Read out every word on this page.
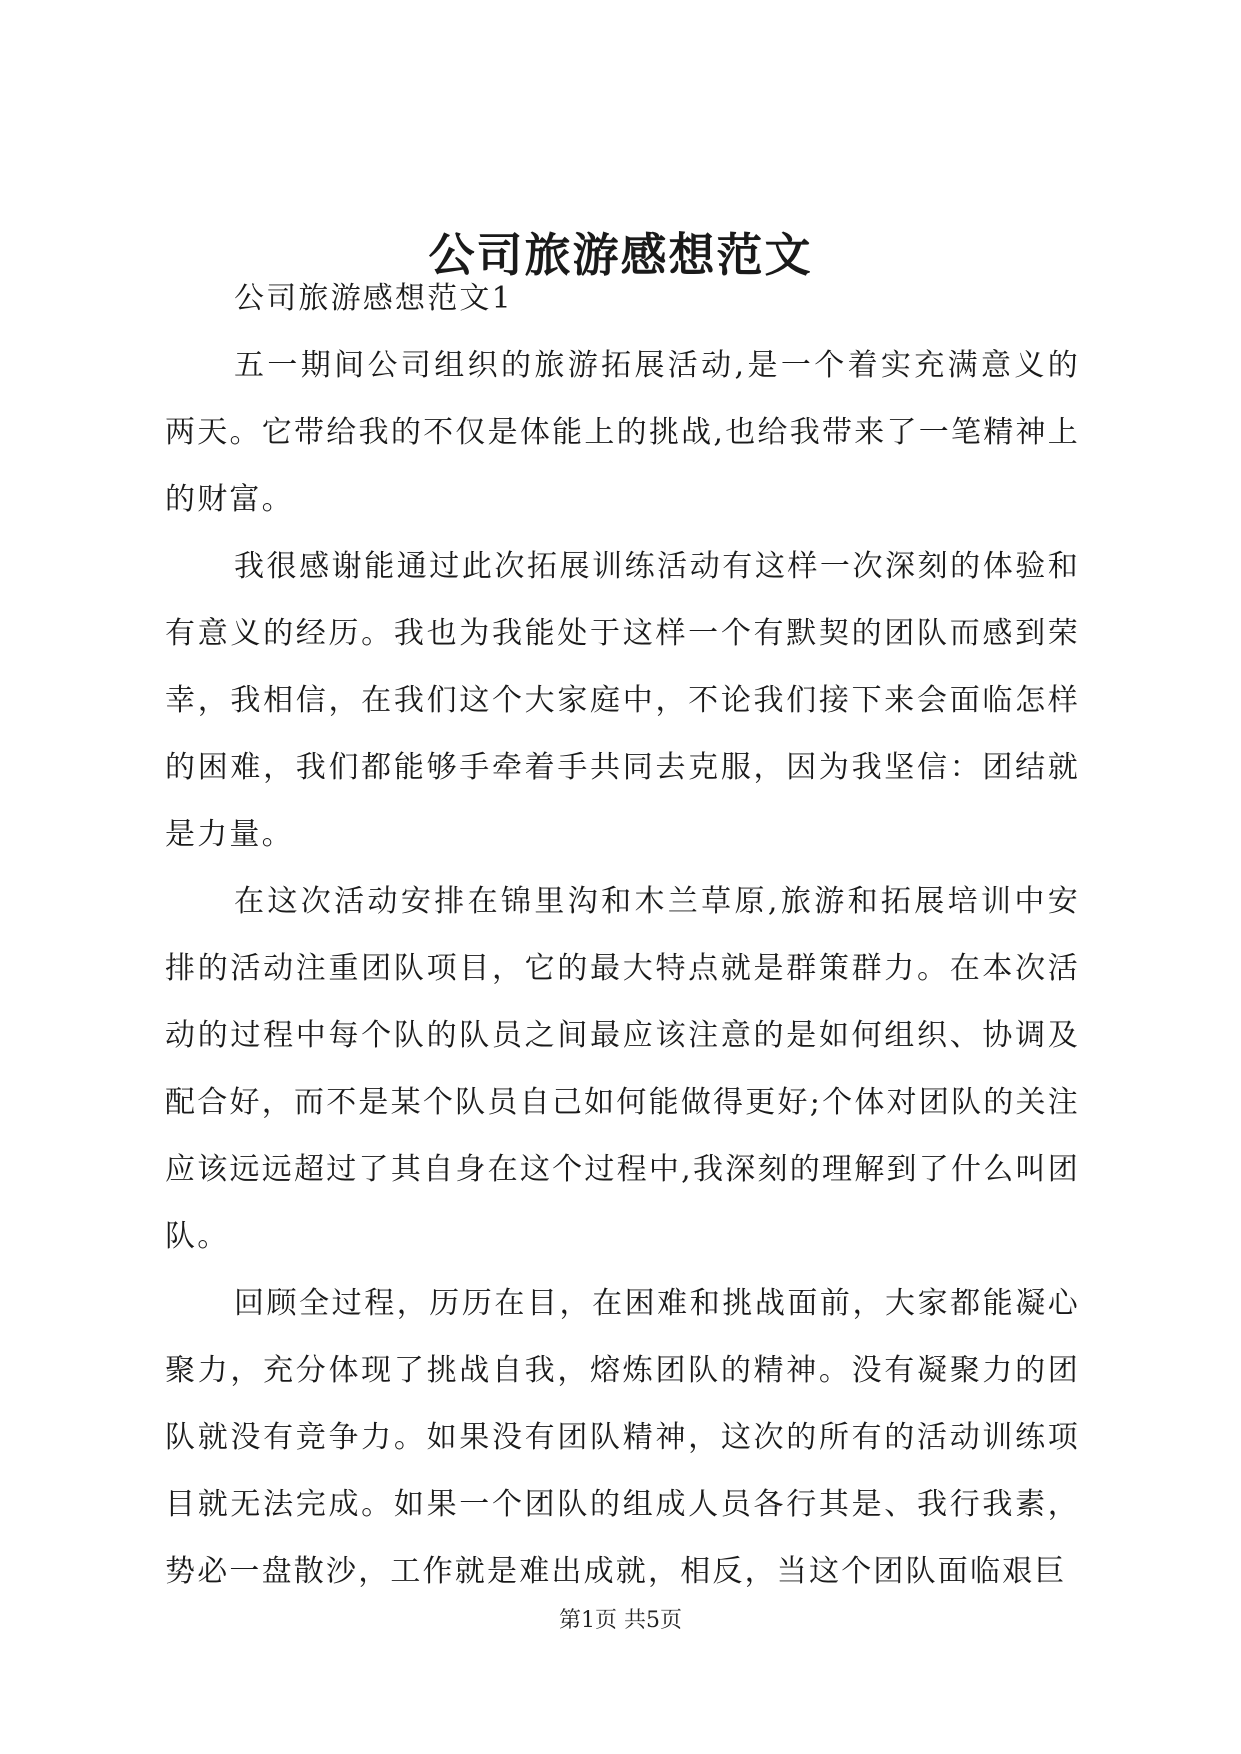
公司旅游感想范文

公司旅游感想范文1

五一期间公司组织的旅游拓展活动,是一个着实充满意义的两天。它带给我的不仅是体能上的挑战,也给我带来了一笔精神上的财富。

我很感谢能通过此次拓展训练活动有这样一次深刻的体验和有意义的经历。我也为我能处于这样一个有默契的团队而感到荣幸，我相信，在我们这个大家庭中，不论我们接下来会面临怎样的困难，我们都能够手牵着手共同去克服，因为我坚信：团结就是力量。

在这次活动安排在锦里沟和木兰草原,旅游和拓展培训中安排的活动注重团队项目，它的最大特点就是群策群力。在本次活动的过程中每个队的队员之间最应该注意的是如何组织、协调及配合好，而不是某个队员自己如何能做得更好;个体对团队的关注应该远远超过了其自身在这个过程中,我深刻的理解到了什么叫团队。

回顾全过程，历历在目，在困难和挑战面前，大家都能凝心聚力，充分体现了挑战自我，熔炼团队的精神。没有凝聚力的团队就没有竞争力。如果没有团队精神，这次的所有的活动训练项目就无法完成。如果一个团队的组成人员各行其是、我行我素，势必一盘散沙，工作就是难出成就，相反，当这个团队面临艰巨

第1页 共5页
